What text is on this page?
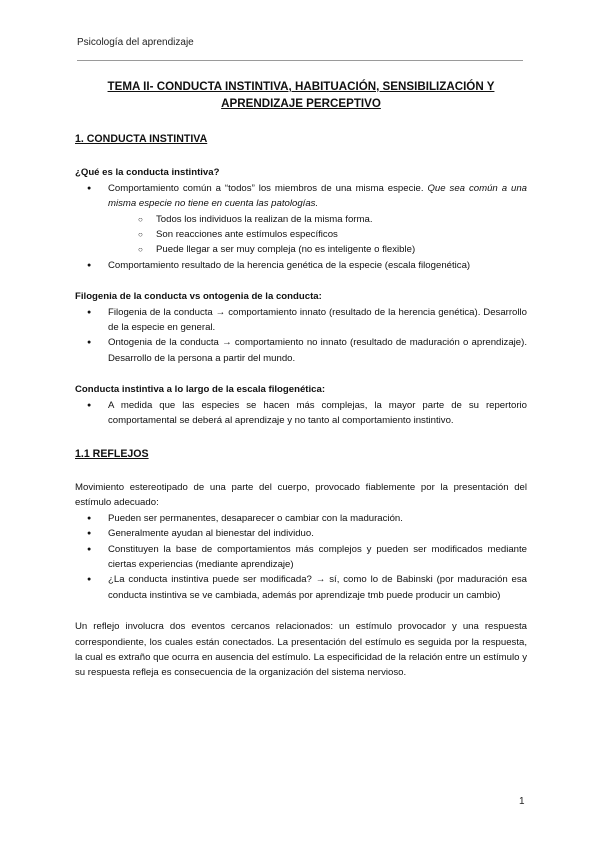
Psicología del aprendizaje
TEMA II- CONDUCTA INSTINTIVA, HABITUACIÓN, SENSIBILIZACIÓN Y APRENDIZAJE PERCEPTIVO
1. CONDUCTA INSTINTIVA

¿Qué es la conducta instintiva?

● Comportamiento común a “todos” los miembros de una misma especie. Que sea común a una misma especie no tiene en cuenta las patologías.
○ Todos los individuos la realizan de la misma forma.
○ Son reacciones ante estímulos específicos
○ Puede llegar a ser muy compleja (no es inteligente o flexible)
● Comportamiento resultado de la herencia genética de la especie (escala filogenética)

Filogenia de la conducta vs ontogenia de la conducta:

● Filogenia de la conducta → comportamiento innato (resultado de la herencia genética). Desarrollo de la especie en general.
● Ontogenia de la conducta → comportamiento no innato (resultado de maduración o aprendizaje). Desarrollo de la persona a partir del mundo.

Conducta instintiva a lo largo de la escala filogenética:

● A medida que las especies se hacen más complejas, la mayor parte de su repertorio comportamental se deberá al aprendizaje y no tanto al comportamiento instintivo.
1.1 REFLEJOS

Movimiento estereotipado de una parte del cuerpo, provocado fiablemente por la presentación del estímulo adecuado:

● Pueden ser permanentes, desaparecer o cambiar con la maduración.
● Generalmente ayudan al bienestar del individuo.
● Constituyen la base de comportamientos más complejos y pueden ser modificados mediante ciertas experiencias (mediante aprendizaje)
● ¿La conducta instintiva puede ser modificada? → sí, como lo de Babinski (por maduración esa conducta instintiva se ve cambiada, además por aprendizaje tmb puede producir un cambio)

Un reflejo involucra dos eventos cercanos relacionados: un estímulo provocador y una respuesta correspondiente, los cuales están conectados. La presentación del estímulo es seguida por la respuesta, la cual es extraño que ocurra en ausencia del estímulo. La especificidad de la relación entre un estímulo y su respuesta refleja es consecuencia de la organización del sistema nervioso.

1
